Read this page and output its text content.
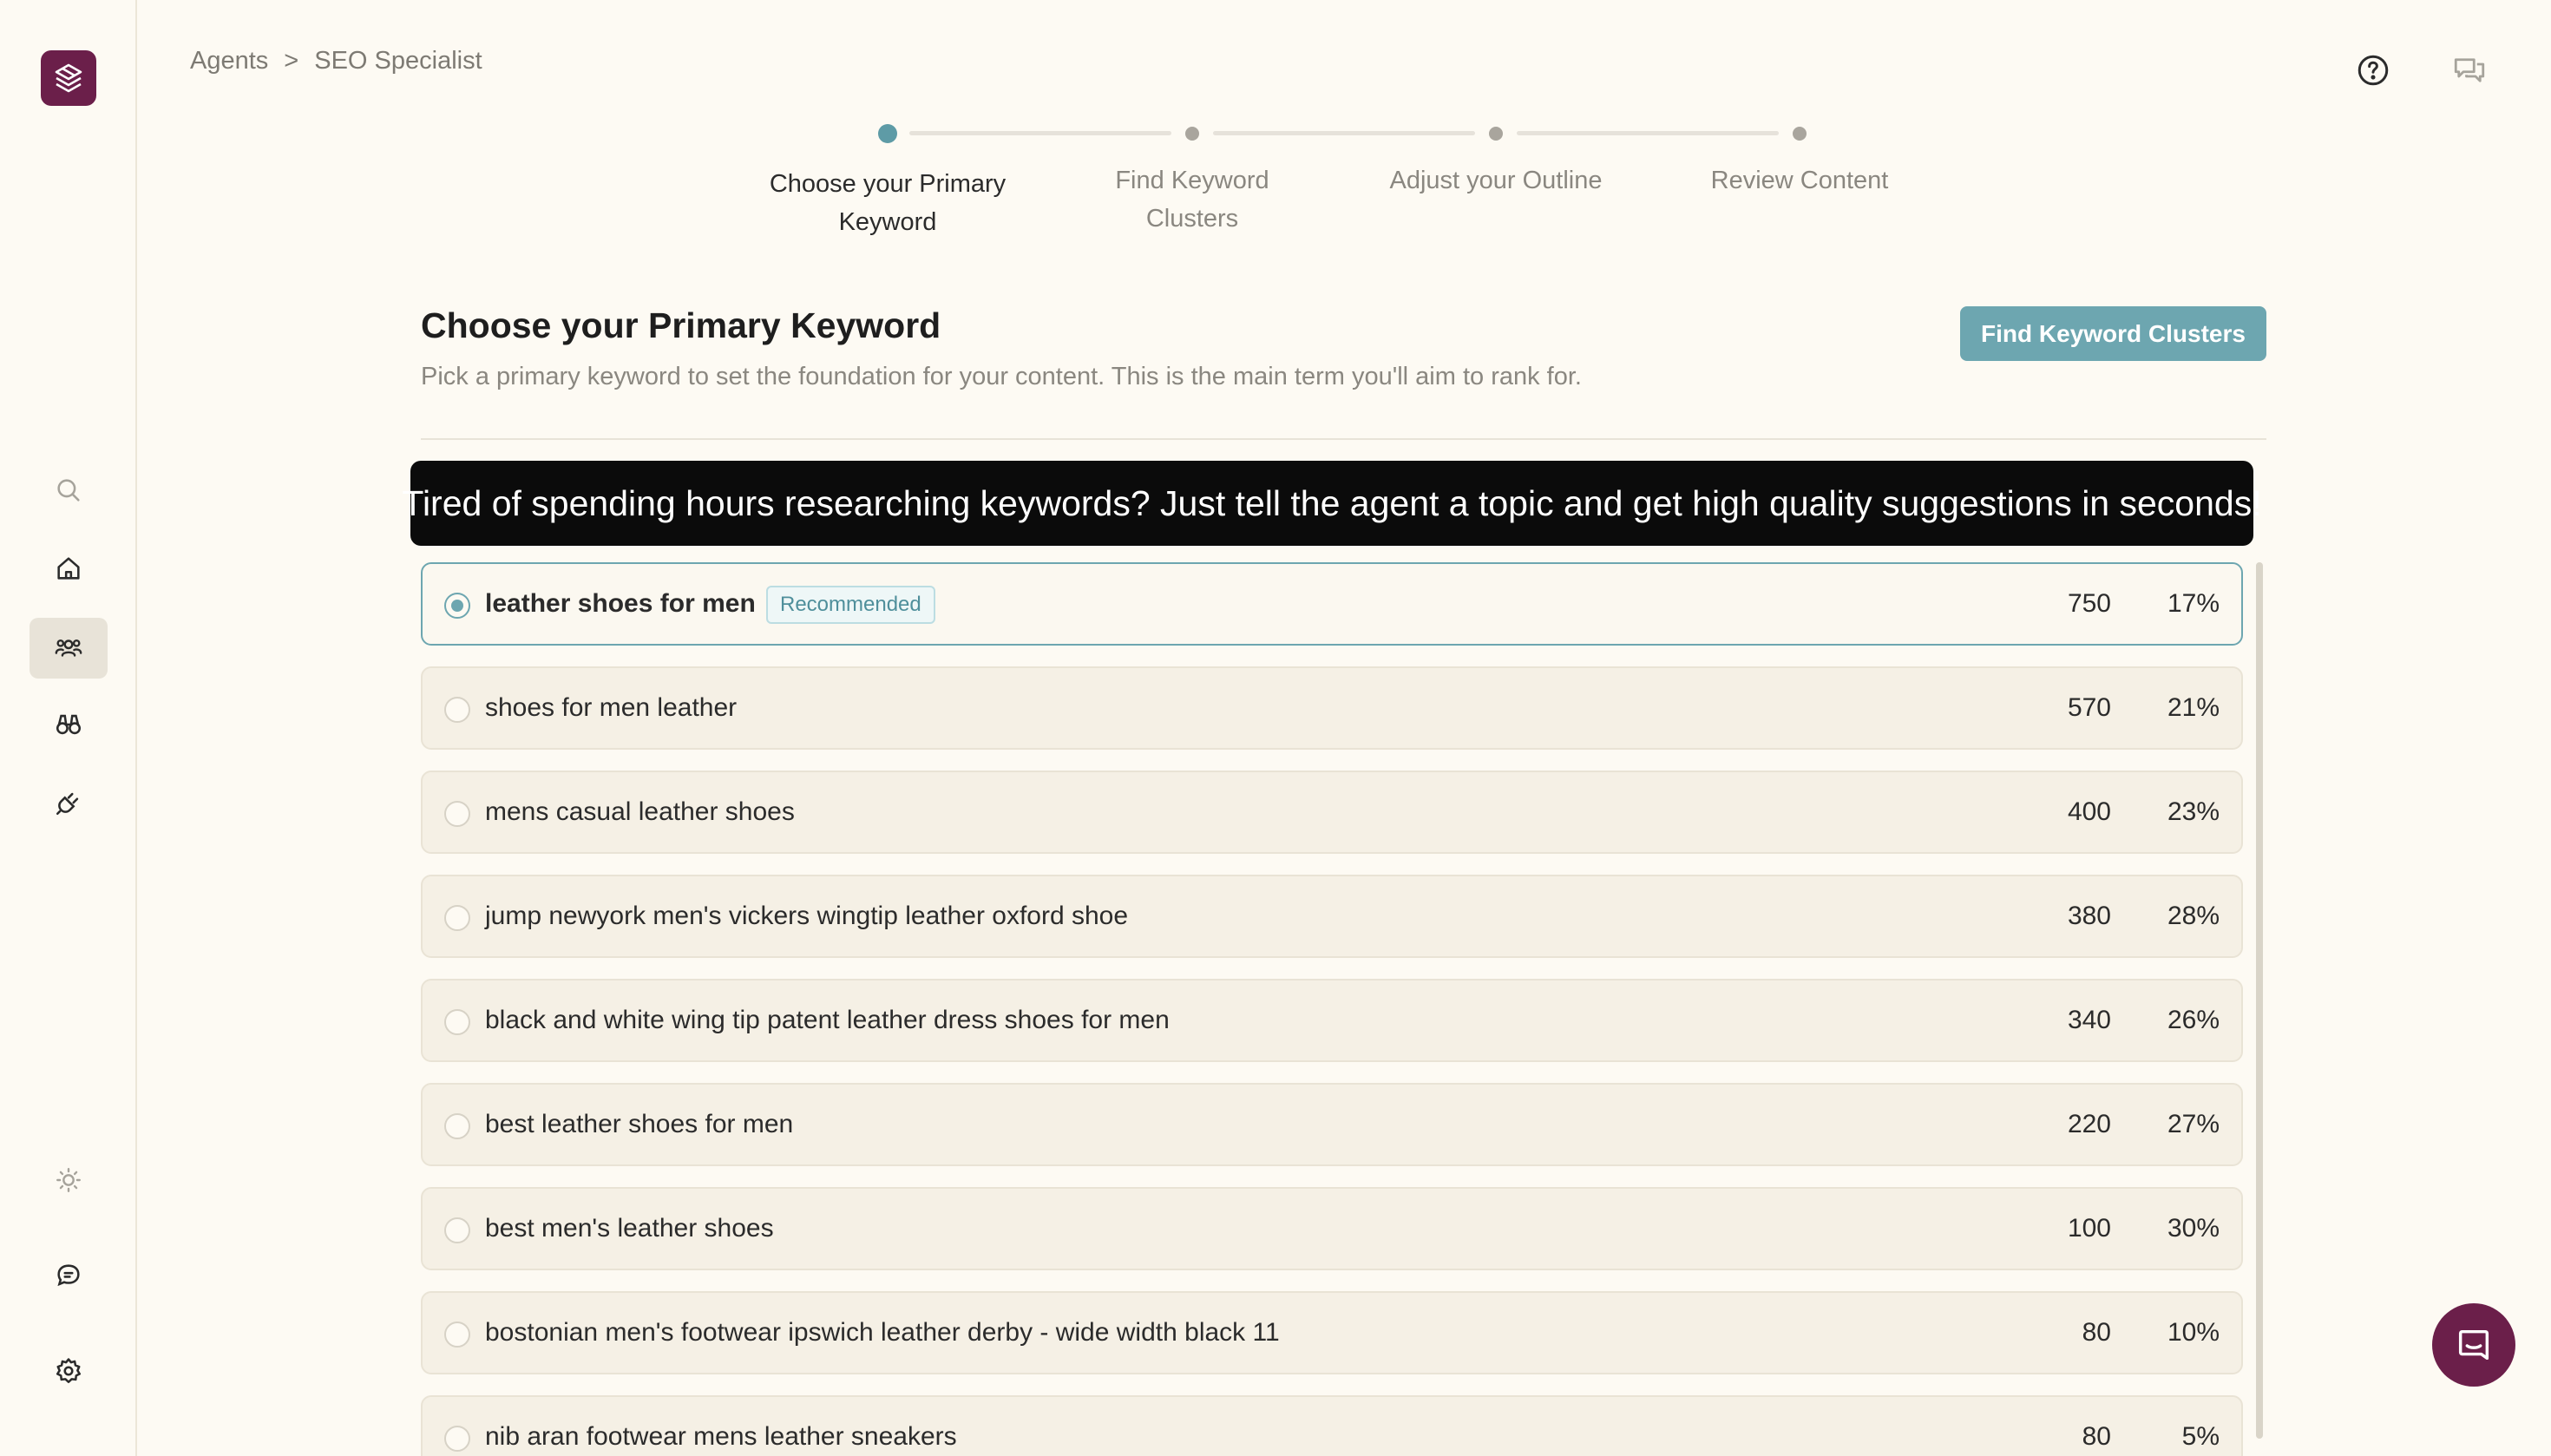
Agents > SEO Specialist
Choose your Primary
Keyword
Find Keyword
Clusters
Adjust your Outline	Review Content
Choose your Primary Keyword

Pick a primary keyword to set the foundation for your content. This is the main term you'll aim to rank for.

Find Keyword Clusters
Tired of spending hours researching keywords? Just tell the agent a topic and get high quality suggestions in seconds!
leather shoes for men	Recommended	750 17%
shoes for men leather	570 21%
mens casual leather shoes	400 23%
jump newyork men's vickers wingtip leather oxford shoe	380 28%
black and white wing tip patent leather dress shoes for men	340 26%
best leather shoes for men	220 27%
best men's leather shoes	100 30%
bostonian men's footwear ipswich leather derby - wide width black 11	80 10%
nib aran footwear mens leather sneakers	80	5%
